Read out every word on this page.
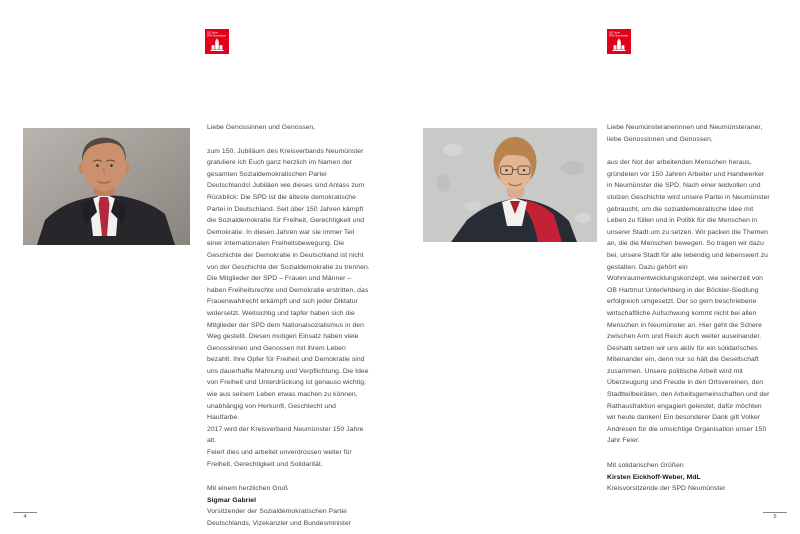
150 Jahre
SPD Neumünster
150 Jahre
SPD Neumünster
Liebe Genossinnen und Genossen,

zum 150. Jubiläum des Kreisverbands Neumünster gratuliere ich Euch ganz herzlich im Namen der gesamten Sozialdemokratischen Partei Deutschlands! Jubiläen wie dieses sind Anlass zum Rückblick: Die SPD ist die älteste demokratische Partei in Deutschland. Seit über 150 Jahren kämpft die Sozialdemokratie für Freiheit, Gerechtigkeit und Demokratie. In diesen Jahren war sie immer Teil einer internationalen Freiheitsbewegung. Die Geschichte der Demokratie in Deutschland ist nicht von der Geschichte der Sozialdemokratie zu trennen. Die Mitglieder der SPD – Frauen und Männer – haben Freiheitsrechte und Demokratie erstritten, das Frauenwahlrecht erkämpft und sich jeder Diktatur widersetzt. Weitsichtig und tapfer haben sich die Mitglieder der SPD dem Nationalsozialismus in den Weg gestellt. Diesen mutigen Einsatz haben viele Genossinnen und Genossen mit ihrem Leben bezahlt. Ihre Opfer für Freiheit und Demokratie sind uns dauerhafte Mahnung und Verpflichtung. Die Idee von Freiheit und Unterdrückung ist genauso wichtig, wie aus seinem Leben etwas machen zu können, unabhängig von Herkunft, Geschlecht und Hautfarbe.

2017 wird der Kreisverband Neumünster 150 Jahre alt.

Feiert dies und arbeitet unverdrossen weiter für Freiheit, Gerechtigkeit und Solidarität.

Mit einem herzlichen Gruß

Sigmar Gabriel

Vorsitzender der Sozialdemokratischen Partei Deutschlands, Vizekanzler und Bundesminister

Liebe Neumünsteranerinnen und Neumünsteraner,
liebe Genossinnen und Genossen,

aus der Not der arbeitenden Menschen heraus, gründeten vor 150 Jahren Arbeiter und Handwerker in Neumünster die SPD. Nach einer leidvollen und stolzen Geschichte wird unsere Partei in Neumünster gebraucht, um die sozialdemokratische Idee mit Leben zu füllen und in Politik für die Menschen in unserer Stadt um zu setzen. Wir packen die Themen an, die die Menschen bewegen. So tragen wir dazu bei, unsere Stadt für alle lebendig und lebenswert zu gestalten. Dazu gehört ein Wohnraumentwicklungskonzept, wie seinerzeit von OB Hartmut Unterlehberg in der Böckler-Siedlung erfolgreich umgesetzt. Der so gern beschriebene wirtschaftliche Aufschwung kommt nicht bei allen Menschen in Neumünster an. Hier geht die Schere zwischen Arm und Reich auch weiter auseinander. Deshalb setzen wir uns aktiv für ein solidarisches Miteinander ein, denn nur so hält die Gesellschaft zusammen. Unsere politische Arbeit wird mit Überzeugung und Freude in den Ortsvereinen, den Stadtteilbeiräten, den Arbeitsgemeinschaften und der Rathausfraktion engagiert geleistet, dafür möchten wir heute danken! Ein besonderer Dank gilt Volker Andresen für die umsichtige Organisation unser 150 Jahr Feier.

Mit solidarischen Grüßen

Kirsten Eickhoff-Weber, MdL

Kreisvorsitzende der SPD Neumünster

4	5
